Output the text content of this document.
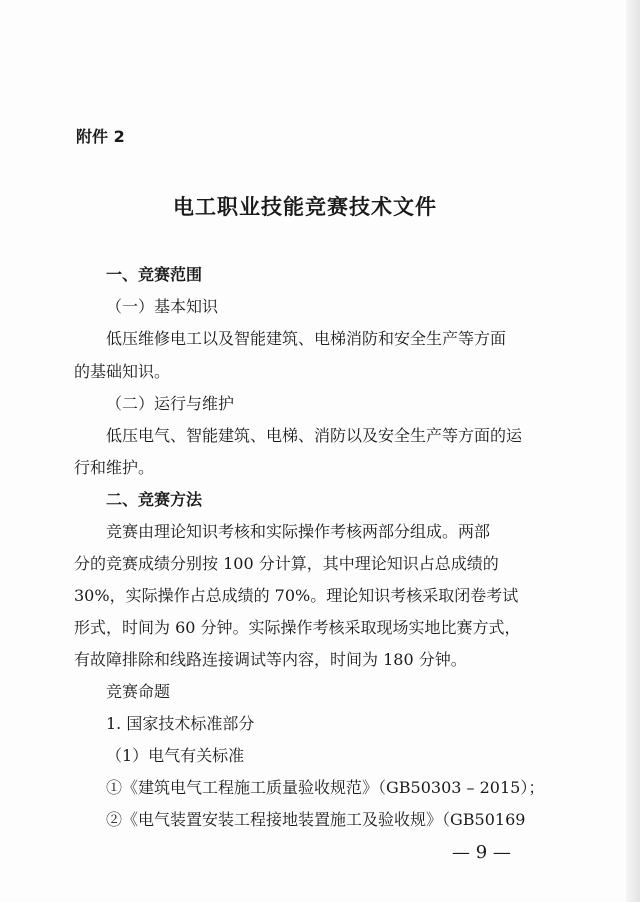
附件 2
电工职业技能竞赛技术文件
一、竞赛范围
（一）基本知识
低压维修电工以及智能建筑、电梯消防和安全生产等方面
的基础知识。
（二）运行与维护
低压电气、智能建筑、电梯、消防以及安全生产等方面的运
行和维护。
二、竞赛方法
竞赛由理论知识考核和实际操作考核两部分组成。两部
分的竞赛成绩分别按 100 分计算，其中理论知识占总成绩的
30%，实际操作占总成绩的 70%。理论知识考核采取闭卷考试
形式，时间为 60 分钟。实际操作考核采取现场实地比赛方式，
有故障排除和线路连接调试等内容，时间为 180 分钟。
竞赛命题
1. 国家技术标准部分
（1）电气有关标准
①《建筑电气工程施工质量验收规范》（GB50303 – 2015）；
②《电气装置安装工程接地装置施工及验收规》（GB50169
— 9 —
